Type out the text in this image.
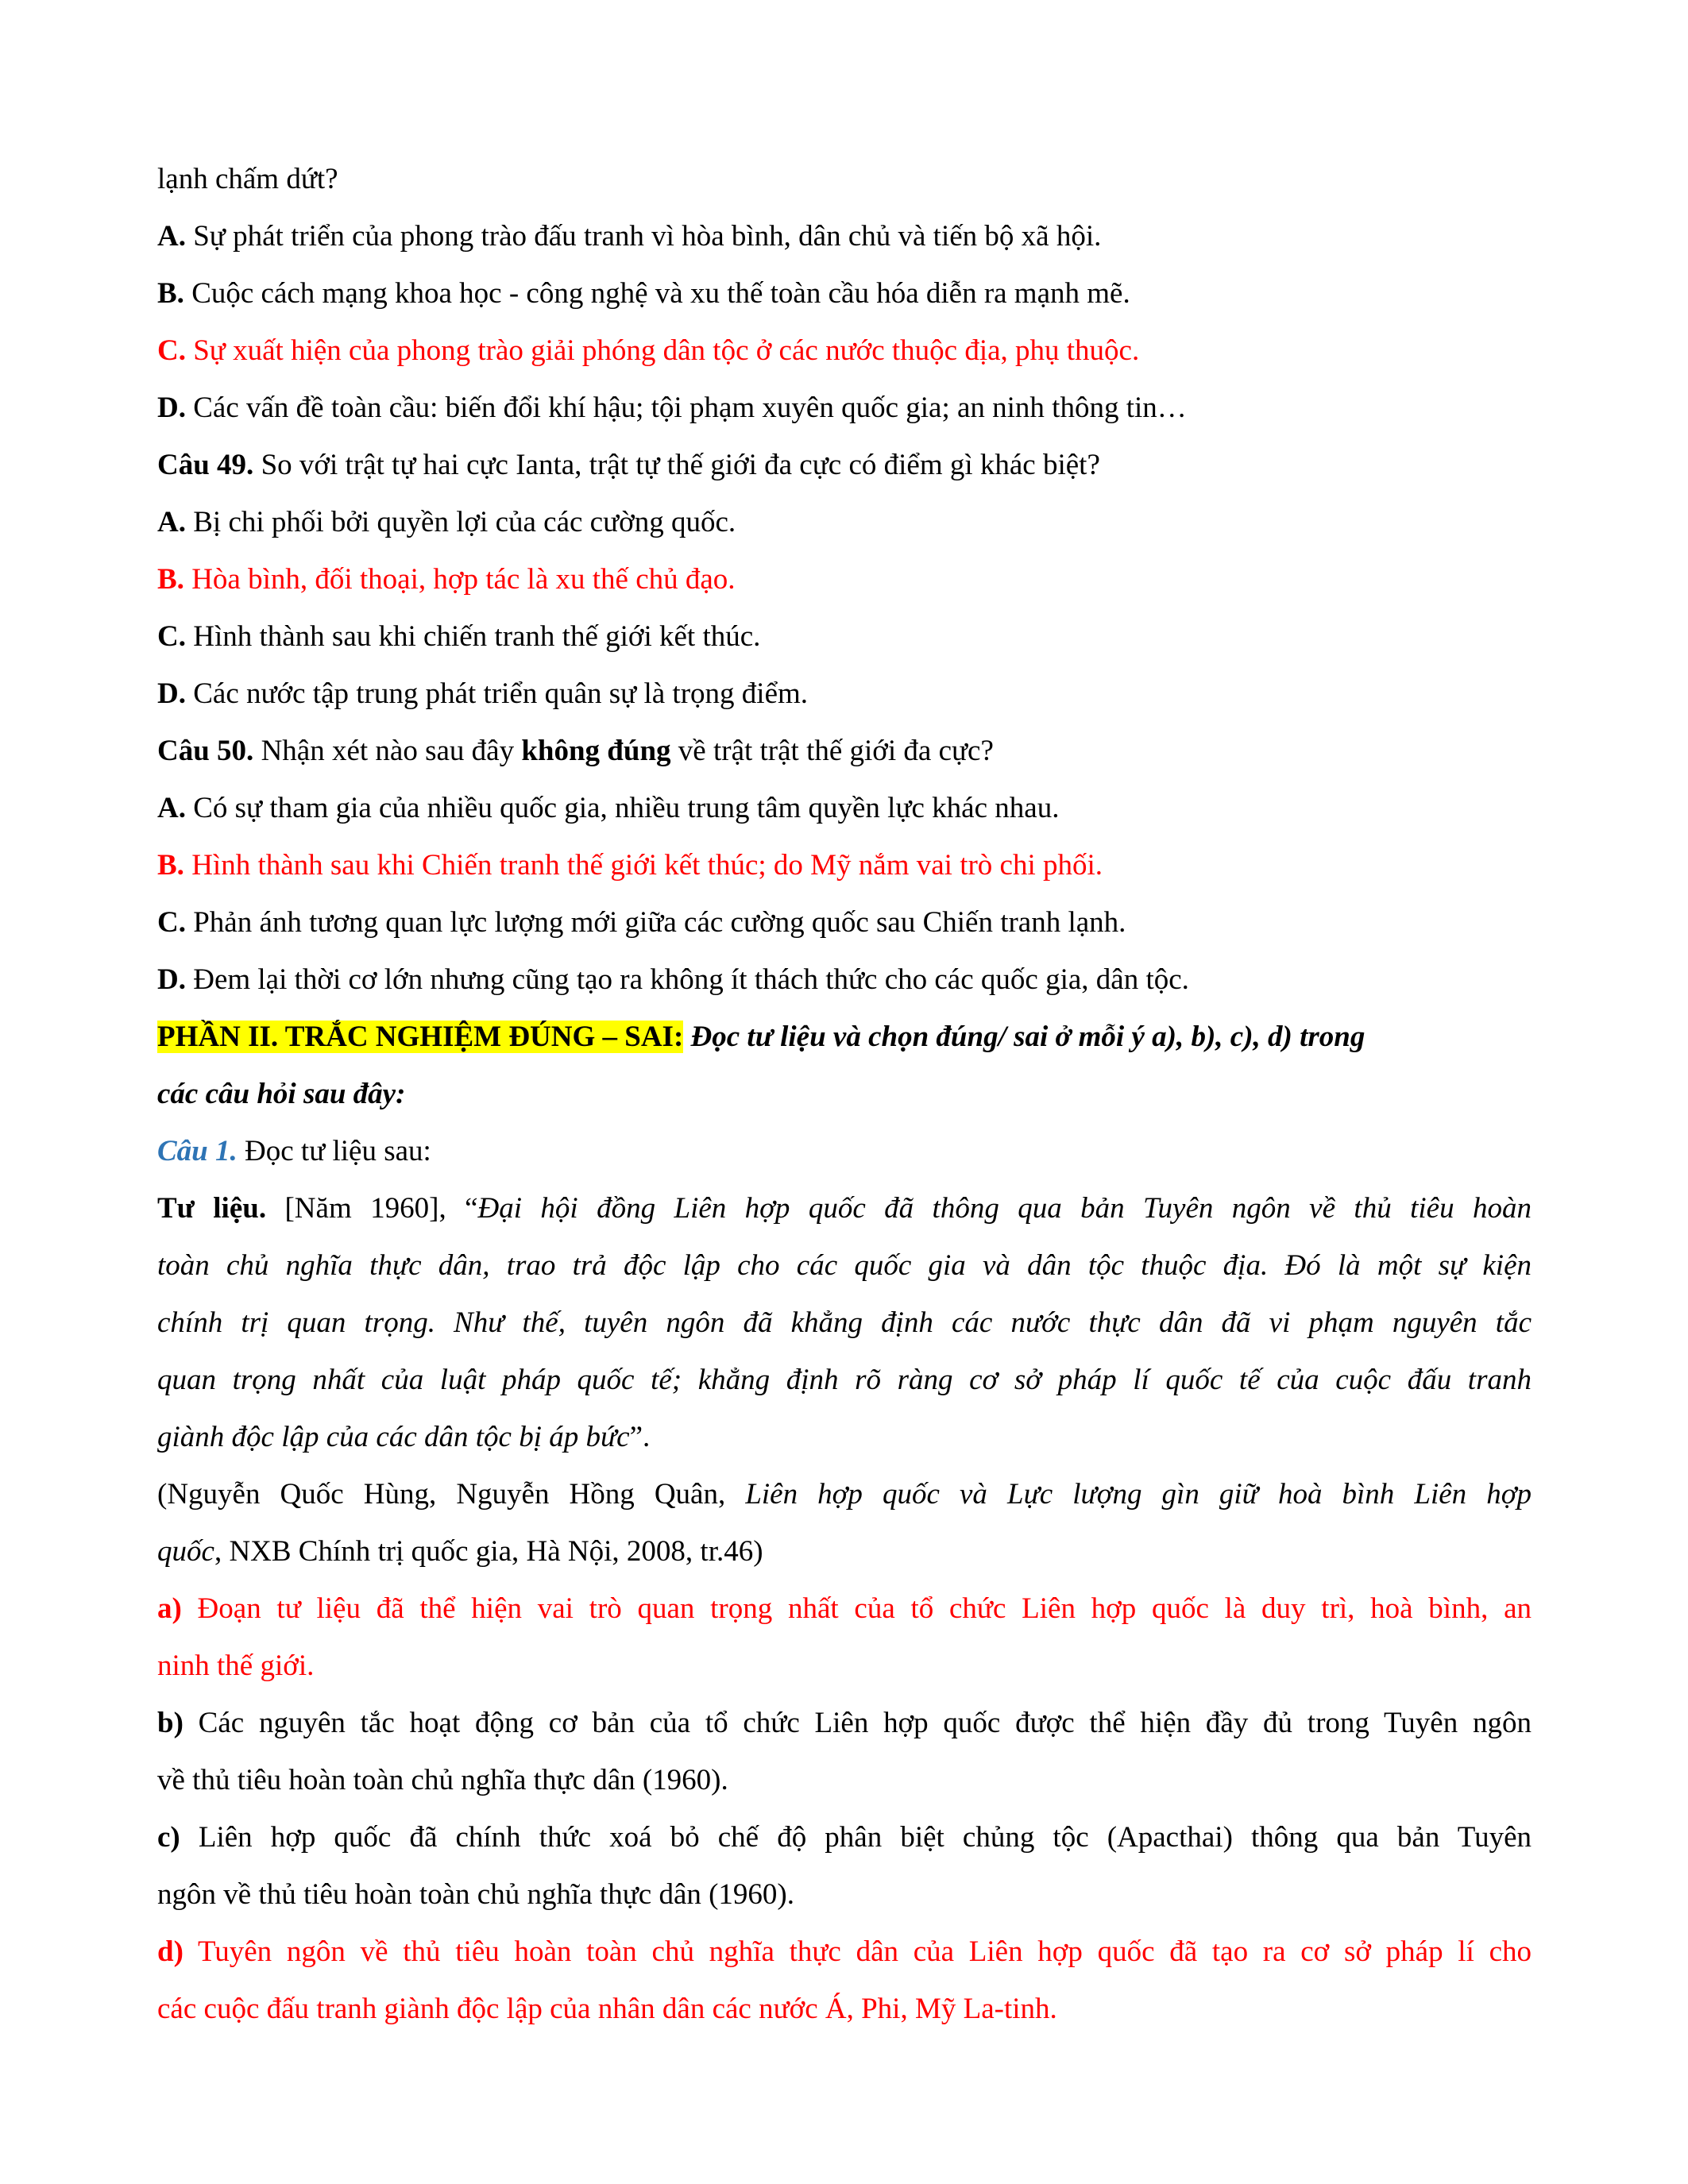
lạnh chấm dứt?
A. Sự phát triển của phong trào đấu tranh vì hòa bình, dân chủ và tiến bộ xã hội.
B. Cuộc cách mạng khoa học - công nghệ và xu thế toàn cầu hóa diễn ra mạnh mẽ.
C. Sự xuất hiện của phong trào giải phóng dân tộc ở các nước thuộc địa, phụ thuộc.
D. Các vấn đề toàn cầu: biến đổi khí hậu; tội phạm xuyên quốc gia; an ninh thông tin…
Câu 49. So với trật tự hai cực Ianta, trật tự thế giới đa cực có điểm gì khác biệt?
A. Bị chi phối bởi quyền lợi của các cường quốc.
B. Hòa bình, đối thoại, hợp tác là xu thế chủ đạo.
C. Hình thành sau khi chiến tranh thế giới kết thúc.
D. Các nước tập trung phát triển quân sự là trọng điểm.
Câu 50. Nhận xét nào sau đây không đúng về trật trật thế giới đa cực?
A. Có sự tham gia của nhiều quốc gia, nhiều trung tâm quyền lực khác nhau.
B. Hình thành sau khi Chiến tranh thế giới kết thúc; do Mỹ nắm vai trò chi phối.
C. Phản ánh tương quan lực lượng mới giữa các cường quốc sau Chiến tranh lạnh.
D. Đem lại thời cơ lớn nhưng cũng tạo ra không ít thách thức cho các quốc gia, dân tộc.
PHẦN II. TRẮC NGHIỆM ĐÚNG – SAI: Đọc tư liệu và chọn đúng/ sai ở mỗi ý a), b), c), d) trong
các câu hỏi sau đây:
Câu 1. Đọc tư liệu sau:
Tư liệu. [Năm 1960], “Đại hội đồng Liên hợp quốc đã thông qua bản Tuyên ngôn về thủ tiêu hoàn
toàn chủ nghĩa thực dân, trao trả độc lập cho các quốc gia và dân tộc thuộc địa. Đó là một sự kiện
chính trị quan trọng. Như thế, tuyên ngôn đã khẳng định các nước thực dân đã vi phạm nguyên tắc
quan trọng nhất của luật pháp quốc tế; khẳng định rõ ràng cơ sở pháp lí quốc tế của cuộc đấu tranh
giành độc lập của các dân tộc bị áp bức”.
(Nguyễn Quốc Hùng, Nguyễn Hồng Quân, Liên hợp quốc và Lực lượng gìn giữ hoà bình Liên hợp
quốc, NXB Chính trị quốc gia, Hà Nội, 2008, tr.46)
a) Đoạn tư liệu đã thể hiện vai trò quan trọng nhất của tổ chức Liên hợp quốc là duy trì, hoà bình, an
ninh thế giới.
b) Các nguyên tắc hoạt động cơ bản của tổ chức Liên hợp quốc được thể hiện đầy đủ trong Tuyên ngôn
về thủ tiêu hoàn toàn chủ nghĩa thực dân (1960).
c) Liên hợp quốc đã chính thức xoá bỏ chế độ phân biệt chủng tộc (Apacthai) thông qua bản Tuyên
ngôn về thủ tiêu hoàn toàn chủ nghĩa thực dân (1960).
d) Tuyên ngôn về thủ tiêu hoàn toàn chủ nghĩa thực dân của Liên hợp quốc đã tạo ra cơ sở pháp lí cho
các cuộc đấu tranh giành độc lập của nhân dân các nước Á, Phi, Mỹ La-tinh.
